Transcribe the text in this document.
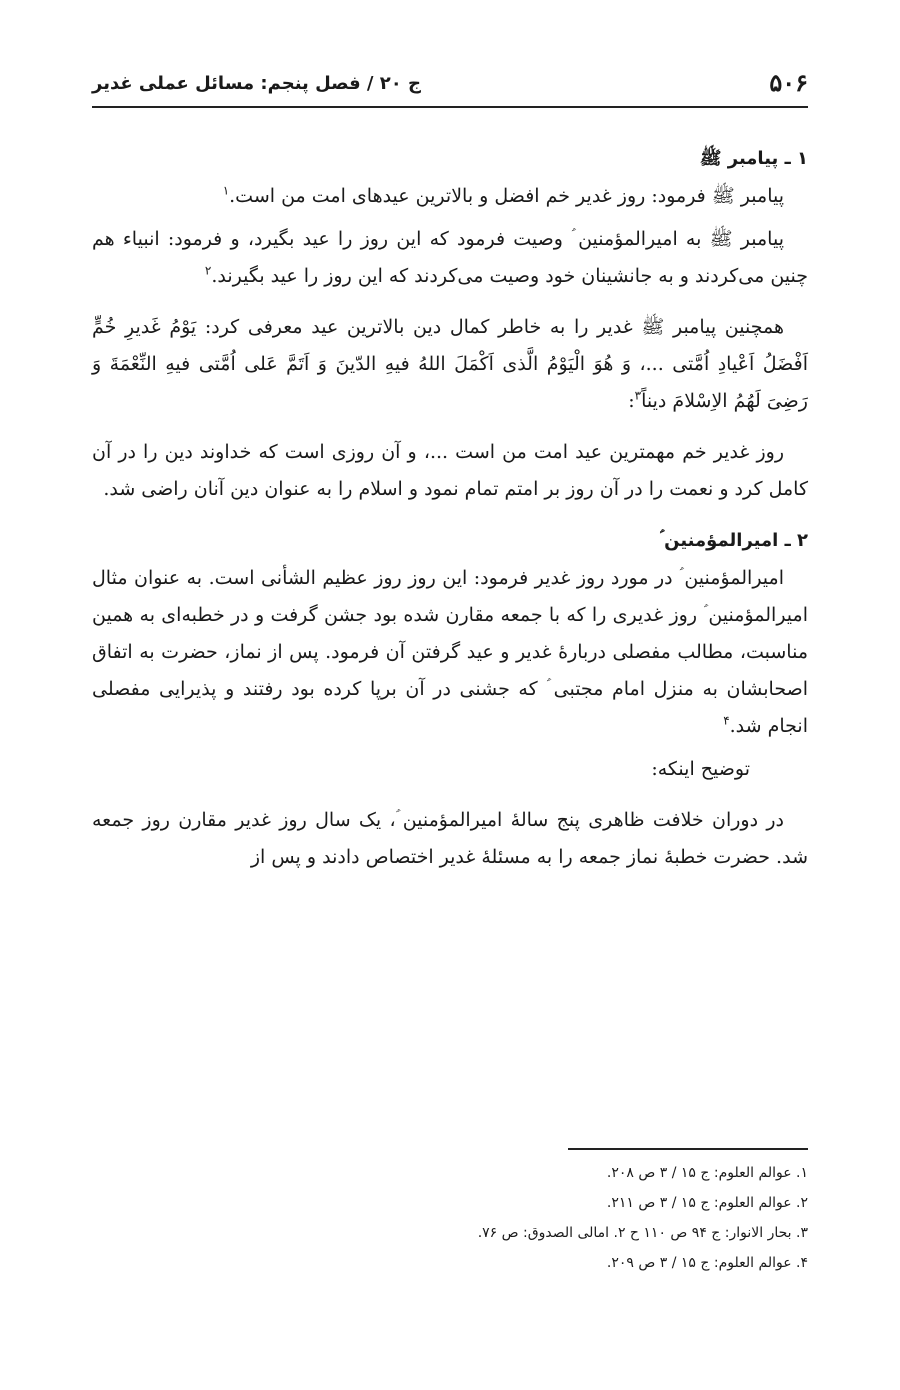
۵۰۶
ج ۲۰ / فصل پنجم: مسائل عملی غدیر
۱ ـ پیامبر ﷺ

پیامبر ﷺ فرمود: روز غدیر خم افضل و بالاترین عیدهای امت من است.$^۱$

پیامبر ﷺ به امیرالمؤمنین ؑ وصیت فرمود که این روز را عید بگیرد، و فرمود: انبیاء هم چنین می‌کردند و به جانشینان خود وصیت می‌کردند که این روز را عید بگیرند.$^۲$

همچنین پیامبر ﷺ غدیر را به خاطر کمال دین بالاترین عید معرفی کرد: يَوْمُ غَديرِ خُمٍّ اَفْضَلُ اَعْيادِ اُمَّتى ...، وَ هُوَ الْيَوْمُ الَّذى اَكْمَلَ اللهُ فيهِ الدّينَ وَ اَتَمَّ عَلى اُمَّتى فيهِ النِّعْمَةَ وَ رَضِىَ لَهُمُ الاِسْلامَ ديناً$^۳$:

روز غدیر خم مهمترین عید امت من است ...، و آن روزی است که خداوند دین را در آن کامل کرد و نعمت را در آن روز بر امتم تمام نمود و اسلام را به عنوان دین آنان راضی شد.

۲ ـ امیرالمؤمنین ؑ

امیرالمؤمنین ؑ در مورد روز غدیر فرمود: این روز روز عظیم الشأنی است. به عنوان مثال امیرالمؤمنین ؑ روز غدیری را که با جمعه مقارن شده بود جشن گرفت و در خطبه‌ای به همین مناسبت، مطالب مفصلی دربارهٔ غدیر و عید گرفتن آن فرمود. پس از نماز، حضرت به اتفاق اصحابشان به منزل امام مجتبی ؑ که جشنی در آن برپا کرده بود رفتند و پذیرایی مفصلی انجام شد.$^۴$

توضیح اینکه:

در دوران خلافت ظاهری پنج سالهٔ امیرالمؤمنین ؑ، یک سال روز غدیر مقارن روز جمعه شد. حضرت خطبهٔ نماز جمعه را به مسئلهٔ غدیر اختصاص دادند و پس از

۱. عوالم العلوم: ج ۱۵ / ۳ ص ۲۰۸.

۲. عوالم العلوم: ج ۱۵ / ۳ ص ۲۱۱.

۳. بحار الانوار: ج ۹۴ ص ۱۱۰ ح ۲. امالی الصدوق: ص ۷۶.

۴. عوالم العلوم: ج ۱۵ / ۳ ص ۲۰۹.
